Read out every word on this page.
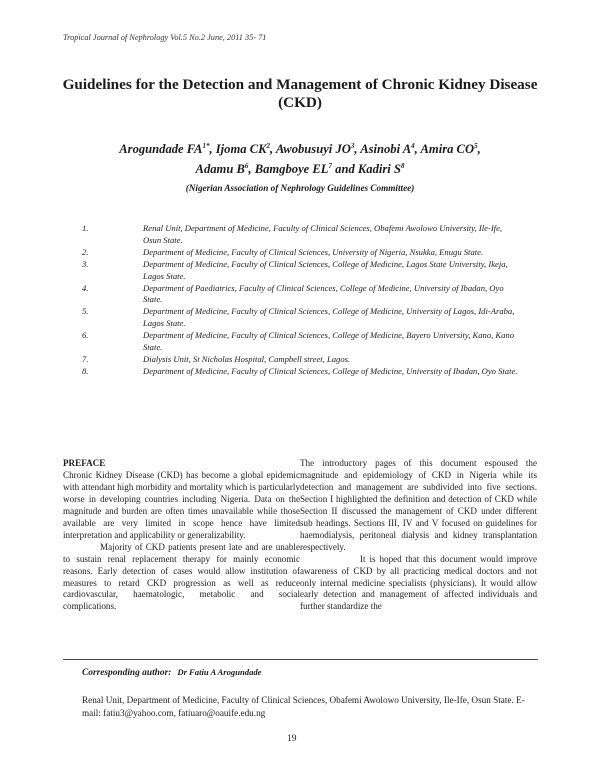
Tropical Journal of Nephrology Vol.5 No.2 June, 2011 35- 71
Guidelines for the Detection and Management of Chronic Kidney Disease (CKD)
Arogundade $FA^{1*}$, Ijoma $CK^2$, Awobusuyi $JO^3$, Asinobi $A^4$, Amira $CO^5$,
Adamu $B^6$, Bamgboye $EL^7$ and Kadiri $S^8$
(Nigerian Association of Nephrology Guidelines Committee)
1.	Renal Unit, Department of Medicine, Faculty of Clinical Sciences, Obafemi Awolowo University, Ile-Ife, Osun State.
2.	Department of Medicine, Faculty of Clinical Sciences, University of Nigeria, Nsukka, Enugu State.
3.	Department of Medicine, Faculty of Clinical Sciences, College of Medicine, Lagos State University, Ikeja, Lagos State.
4.	Department of Paediatrics, Faculty of Clinical Sciences, College of Medicine, University of Ibadan, Oyo State.
5.	Department of Medicine, Faculty of Clinical Sciences, College of Medicine, University of Lagos, Idi-Araba, Lagos State.
6.	Department of Medicine, Faculty of Clinical Sciences, College of Medicine, Bayero University, Kano, Kano State.
7.	Dialysis Unit, St Nicholas Hospital, Campbell street, Lagos.
8.	Department of Medicine, Faculty of Clinical Sciences, College of Medicine, University of Ibadan, Oyo State.

PREFACE

Chronic Kidney Disease (CKD) has become a global epidemic with attendant high morbidity and mortality which is particularly worse in developing countries including Nigeria. Data on the magnitude and burden are often times unavailable while those available are very limited in scope hence have limited interpretation and applicability or generalizability.

Majority of CKD patients present late and are unable to sustain renal replacement therapy for mainly economic reasons. Early detection of cases would allow institution of measures to retard CKD progression as well as reduce cardiovascular, haematologic, metabolic and social complications.

The introductory pages of this document espoused the magnitude and epidemiology of CKD in Nigeria while its detection and management are subdivided into five sections. Section I highlighted the definition and detection of CKD while Section II discussed the management of CKD under different sub headings. Sections III, IV and V focused on guidelines for haemodialysis, peritoneal dialysis and kidney transplantation respectively.

It is hoped that this document would improve awareness of CKD by all practicing medical doctors and not only internal medicine specialists (physicians). It would allow early detection and management of affected individuals and further standardize the

Corresponding author: Dr Fatiu A Arogundade
Renal Unit, Department of Medicine, Faculty of Clinical Sciences, Obafemi Awolowo University, Ile-Ife, Osun State. E-mail: fatiu3@yahoo.com, fatiuaro@oauife.edu.ng
19
